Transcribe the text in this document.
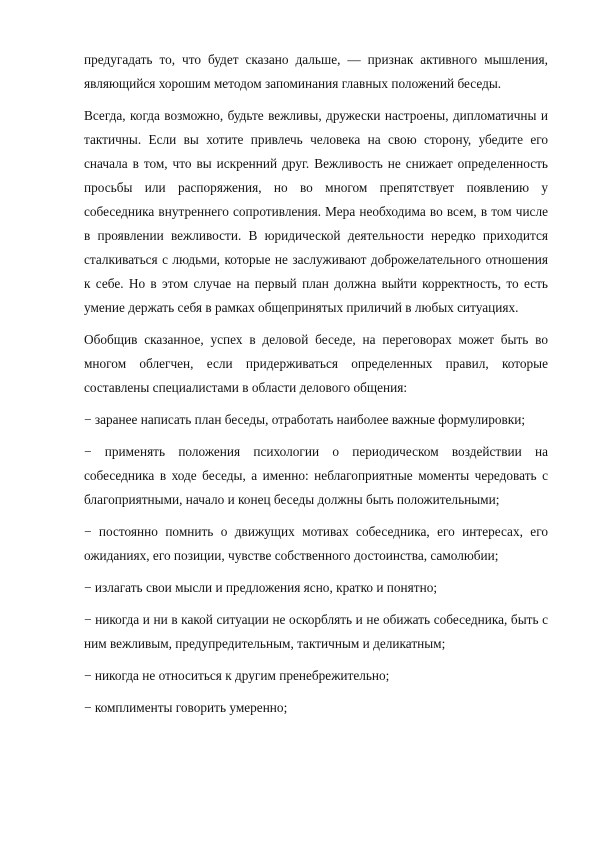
предугадать то, что будет сказано дальше, — признак активного мышления, являющийся хорошим методом запоминания главных положений беседы.

Всегда, когда возможно, будьте вежливы, дружески настроены, дипломатичны и тактичны. Если вы хотите привлечь человека на свою сторону, убедите его сначала в том, что вы искренний друг. Вежливость не снижает определенность просьбы или распоряжения, но во многом препятствует появлению у собеседника внутреннего сопротивления. Мера необходима во всем, в том числе в проявлении вежливости. В юридической деятельности нередко приходится сталкиваться с людьми, которые не заслуживают доброжелательного отношения к себе. Но в этом случае на первый план должна выйти корректность, то есть умение держать себя в рамках общепринятых приличий в любых ситуациях.

Обобщив сказанное, успех в деловой беседе, на переговорах может быть во многом облегчен, если придерживаться определенных правил, которые составлены специалистами в области делового общения:

− заранее написать план беседы, отработать наиболее важные формулировки;

− применять положения психологии о периодическом воздействии на собеседника в ходе беседы, а именно: неблагоприятные моменты чередовать с благоприятными, начало и конец беседы должны быть положительными;

− постоянно помнить о движущих мотивах собеседника, его интересах, его ожиданиях, его позиции, чувстве собственного достоинства, самолюбии;

− излагать свои мысли и предложения ясно, кратко и понятно;

− никогда и ни в какой ситуации не оскорблять и не обижать собеседника, быть с ним вежливым, предупредительным, тактичным и деликатным;

− никогда не относиться к другим пренебрежительно;

− комплименты говорить умеренно;
